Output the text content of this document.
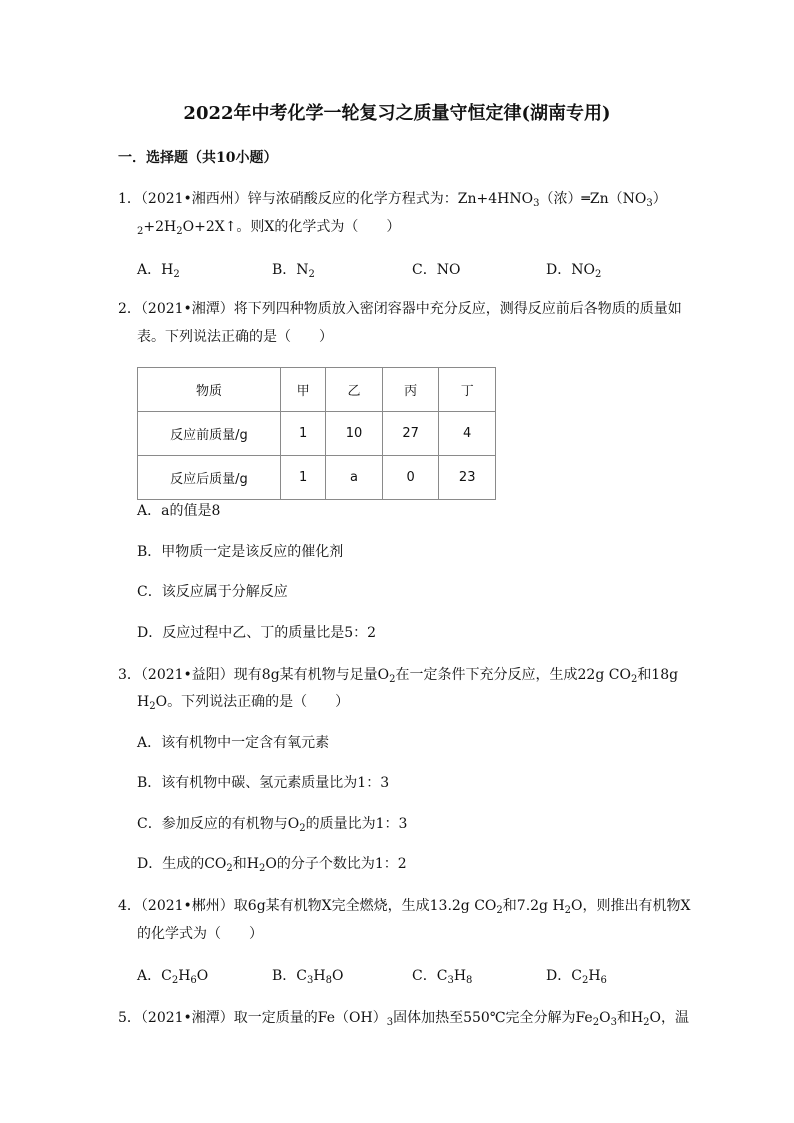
2022年中考化学一轮复习之质量守恒定律(湖南专用)
一．选择题（共10小题）
1．（2021•湘西州）锌与浓硝酸反应的化学方程式为：$Zn+4HNO_3$（浓）$═Zn(NO_3)$
$_2+2H_2O+2X↑$。则X的化学式为（　　）
A．$H_2$	B．$N_2$	C．NO	D．$NO_2$
2．（2021•湘潭）将下列四种物质放入密闭容器中充分反应，测得反应前后各物质的质量如
表。下列说法正确的是（　　）
物质	甲	乙	丙	丁
反应前质量/g	1	10	27	4
反应后质量/g	1	a	0	23
A．a的值是8
B．甲物质一定是该反应的催化剂
C．该反应属于分解反应
D．反应过程中乙、丁的质量比是5：2
3．（2021•益阳）现有8g某有机物与足量$O_2$在一定条件下充分反应，生成22g $CO_2$和18g
$H_2O$。下列说法正确的是（　　）
A．该有机物中一定含有氧元素
B．该有机物中碳、氢元素质量比为1：3
C．参加反应的有机物与$O_2$的质量比为1：3
D．生成的$CO_2$和$H_2O$的分子个数比为1：2
4．（2021•郴州）取6g某有机物X完全燃烧，生成13.2g $CO_2$和7.2g $H_2O$，则推出有机物X
的化学式为（　　）
A．$C_2H_6O$	B．$C_3H_8O$	C．$C_3H_8$	D．$C_2H_6$
5．（2021•湘潭）取一定质量的$Fe(OH)_3$固体加热至550℃完全分解为$Fe_2O_3$和$H_2O$，温
